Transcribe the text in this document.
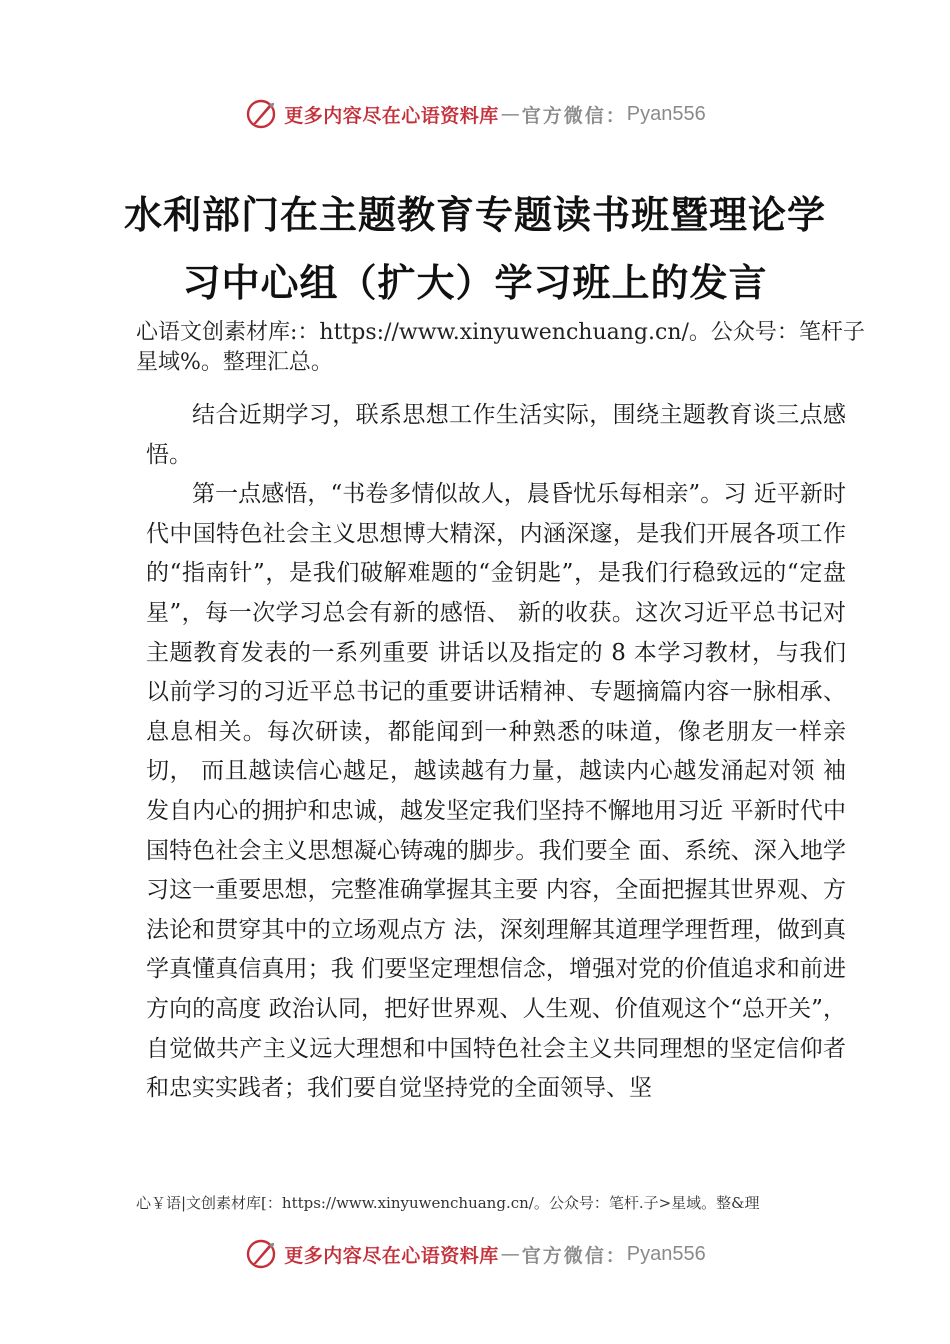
更多内容尽在心语资料库 — 官方微信： Pyan556
水利部门在主题教育专题读书班暨理论学
习中心组（扩大）学习班上的发言
心语文创素材库:：https://www.xinyuwenchuang.cn/。公众号：笔杆子星域%。整理汇总。

结合近期学习，联系思想工作生活实际，围绕主题教育谈三点感悟。

第一点感悟，“书卷多情似故人，晨昏忧乐每相亲”。习 近平新时代中国特色社会主义思想博大精深，内涵深邃，是我们开展各项工作的“指南针”，是我们破解难题的“金钥匙”，是我们行稳致远的“定盘星”，每一次学习总会有新的感悟、 新的收获。这次习近平总书记对主题教育发表的一系列重要 讲话以及指定的 8 本学习教材，与我们以前学习的习近平总书记的重要讲话精神、专题摘篇内容一脉相承、息息相关。每次研读，都能闻到一种熟悉的味道，像老朋友一样亲切， 而且越读信心越足，越读越有力量，越读内心越发涌起对领 袖发自内心的拥护和忠诚，越发坚定我们坚持不懈地用习近 平新时代中国特色社会主义思想凝心铸魂的脚步。我们要全 面、系统、深入地学习这一重要思想，完整准确掌握其主要 内容，全面把握其世界观、方法论和贯穿其中的立场观点方 法，深刻理解其道理学理哲理，做到真学真懂真信真用；我 们要坚定理想信念，增强对党的价值追求和前进方向的高度 政治认同，把好世界观、人生观、价值观这个“总开关”，自觉做共产主义远大理想和中国特色社会主义共同理想的坚定信仰者和忠实实践者；我们要自觉坚持党的全面领导、坚

心￥语|文创素材库[：https://www.xinyuwenchuang.cn/。公众号：笔杆.子>星域。整&理
更多内容尽在心语资料库 — 官方微信： Pyan556
